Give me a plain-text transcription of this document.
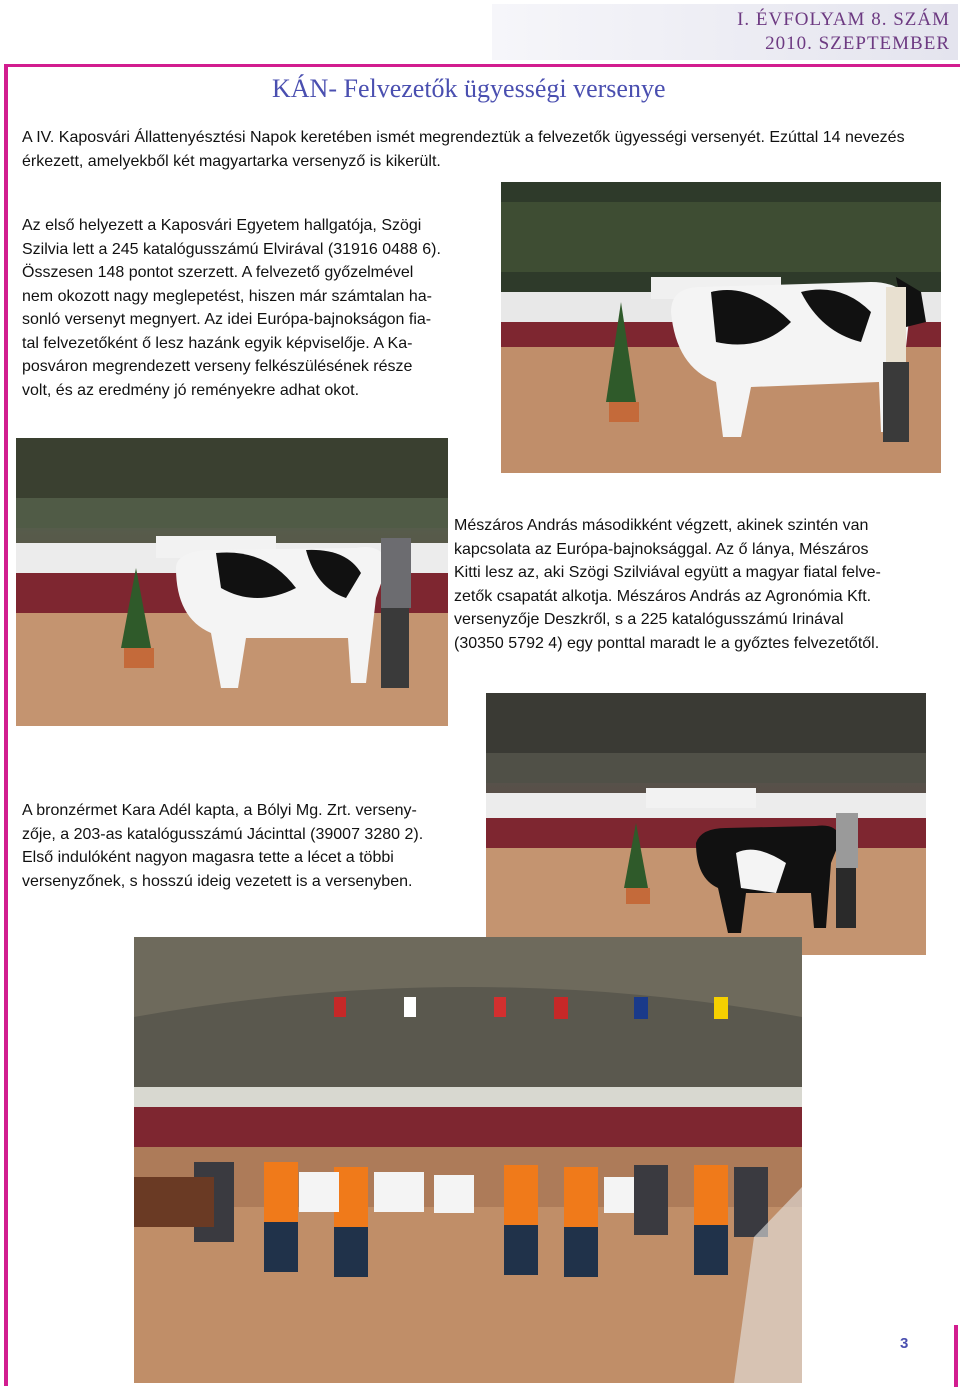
I. ÉVFOLYAM 8. SZÁM
2010. SZEPTEMBER
KÁN- Felvezetők ügyességi versenye
A IV. Kaposvári Állattenyésztési Napok keretében ismét megrendeztük a felvezetők ügyességi versenyét. Ezúttal 14 nevezés érkezett, amelyekből két magyartarka versenyző is kikerült.
Az első helyezett a Kaposvári Egyetem hallgatója, Szögi
Szilvia lett a 245 katalógusszámú Elvirával (31916 0488 6).
Összesen 148 pontot szerzett. A felvezető győzelmével
nem okozott nagy meglepetést, hiszen már számtalan ha-
sonló versenyt megnyert. Az idei Európa-bajnokságon fia-
tal felvezetőként ő lesz hazánk egyik képviselője. A Ka-
posváron megrendezett verseny felkészülésének része
volt, és az eredmény jó reményekre adhat okot.
Mészáros András másodikként végzett, akinek szintén van
kapcsolata az Európa-bajnoksággal. Az ő lánya, Mészáros
Kitti lesz az, aki Szögi Szilviával együtt a magyar fiatal felve-
zetők csapatát alkotja. Mészáros András az Agronómia Kft.
versenyzője Deszkről, s a 225 katalógusszámú Irinával
(30350 5792 4) egy ponttal maradt le a győztes felvezetőtől.
A bronzérmet Kara Adél kapta, a Bólyi Mg. Zrt. verseny-
zője, a 203-as katalógusszámú Jácinttal (39007 3280 2).
Első indulóként nagyon magasra tette a lécet a többi
versenyzőnek, s hosszú ideig vezetett is a versenyben.
3
